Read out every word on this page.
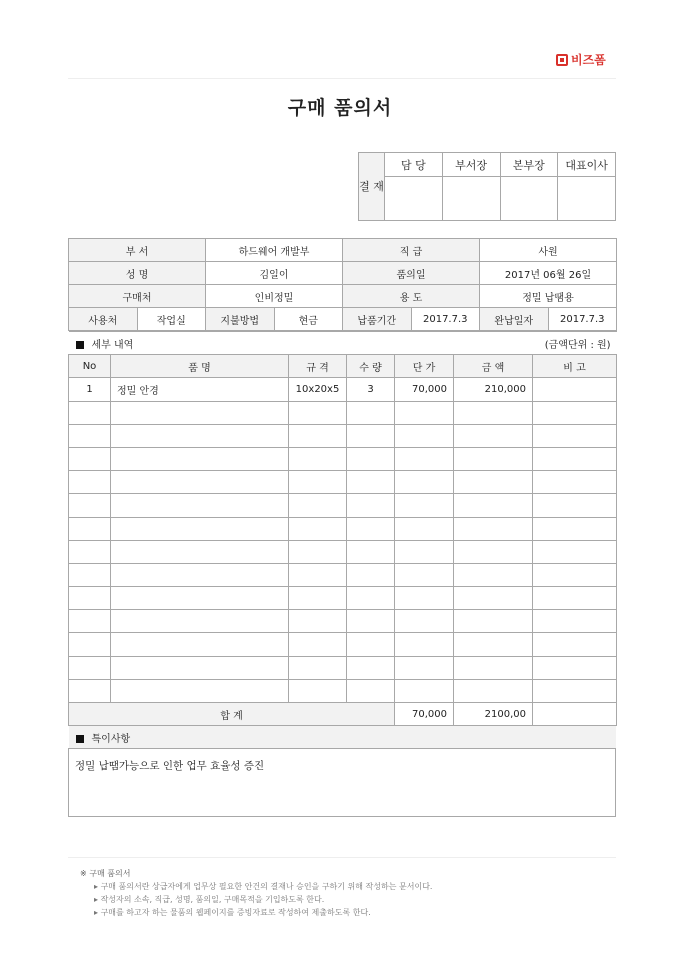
비즈폼
구매 품의서
결 재	담 당	부서장	본부장	대표이사

부 서		하드웨어 개발부		직 급		사원	
성 명		김일이		품의일		2017년 06월 26일	
구매처		인비정밀		용 도		정밀 납땜용	
사용처	작업실	지불방법	현금	납품기간	2017.7.3	완납일자	2017.7.3
세부 내역 (금액단위 : 원)						

No	품 명	규 격	수 량	단 가	금 액	비 고
1	정밀 안경	10x20x5	3	70,000	210,000	

합 계				70,000	2100,00	
특이사항
정밀 납땜가능으로 인한 업무 효율성 증진
※ 구매 품의서
▸ 구매 품의서란 상급자에게 업무상 필요한 안건의 결재나 승인을 구하기 위해 작성하는 문서이다.
▸ 작성자의 소속, 직급, 성명, 품의일, 구매목적을 기입하도록 한다.
▸ 구매를 하고자 하는 물품의 웹페이지를 증빙자료로 작성하여 제출하도록 한다.
